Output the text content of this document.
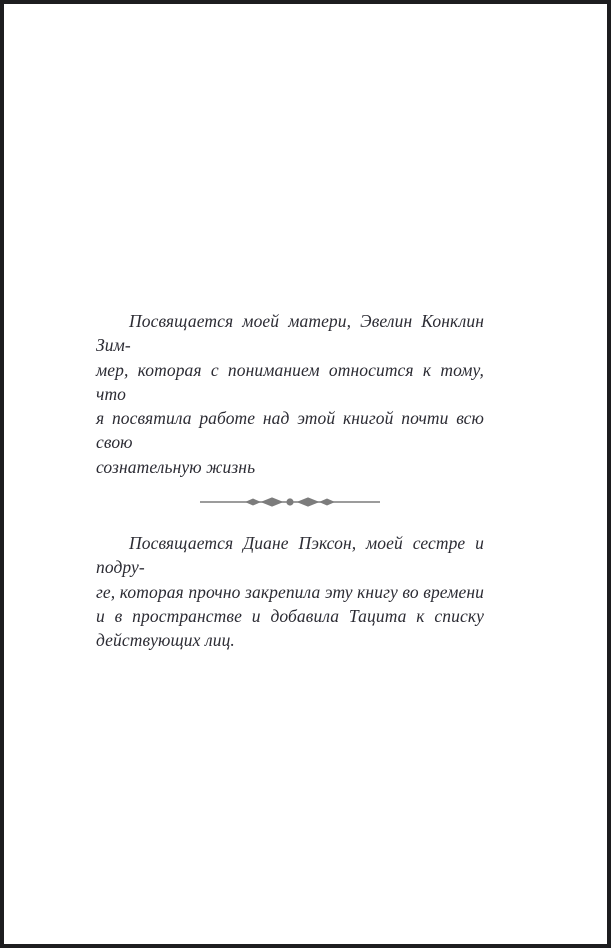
Посвящается моей матери, Эвелин Конклин Зим-
мер, которая с пониманием относится к тому, что
я посвятила работе над этой книгой почти всю свою
сознательную жизнь
Посвящается Диане Пэксон, моей сестре и подру-
ге, которая прочно закрепила эту книгу во времени
и в пространстве и добавила Тацита к списку
действующих лиц.
